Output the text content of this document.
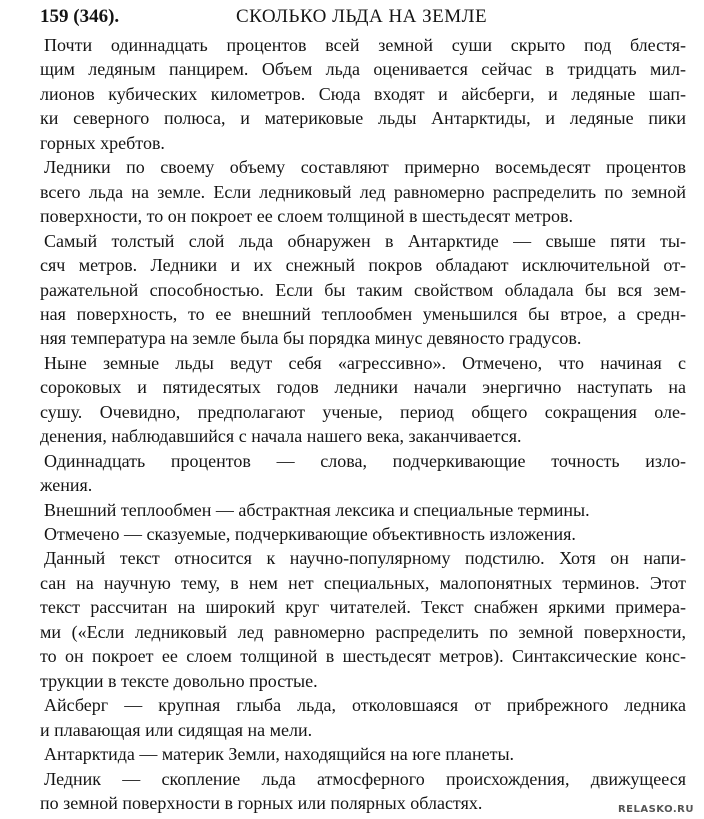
159 (346).	СКОЛЬКО ЛЬДА НА ЗЕМЛЕ
Почти одиннадцать процентов всей земной суши скрыто под блестя-
щим ледяным панцирем. Объем льда оценивается сейчас в тридцать мил-
лионов кубических километров. Сюда входят и айсберги, и ледяные шап-
ки северного полюса, и материковые льды Антарктиды, и ледяные пики
горных хребтов.
Ледники по своему объему составляют примерно восемьдесят процентов
всего льда на земле. Если ледниковый лед равномерно распределить по земной
поверхности, то он покроет ее слоем толщиной в шестьдесят метров.
Самый толстый слой льда обнаружен в Антарктиде — свыше пяти ты-
сяч метров. Ледники и их снежный покров обладают исключительной от-
ражательной способностью. Если бы таким свойством обладала бы вся зем-
ная поверхность, то ее внешний теплообмен уменьшился бы втрое, а средн-
няя температура на земле была бы порядка минус девяносто градусов.
Ныне земные льды ведут себя «агрессивно». Отмечено, что начиная с
сороковых и пятидесятых годов ледники начали энергично наступать на
сушу. Очевидно, предполагают ученые, период общего сокращения оле-
денения, наблюдавшийся с начала нашего века, заканчивается.
Одиннадцать процентов — слова, подчеркивающие точность изло-
жения.
Внешний теплообмен — абстрактная лексика и специальные термины.
Отмечено — сказуемые, подчеркивающие объективность изложения.
Данный текст относится к научно-популярному подстилю. Хотя он напи-
сан на научную тему, в нем нет специальных, малопонятных терминов. Этот
текст рассчитан на широкий круг читателей. Текст снабжен яркими примера-
ми («Если ледниковый лед равномерно распределить по земной поверхности,
то он покроет ее слоем толщиной в шестьдесят метров). Синтаксические конс-
трукции в тексте довольно простые.
Айсберг — крупная глыба льда, отколовшаяся от прибрежного ледника
и плавающая или сидящая на мели.
Антарктида — материк Земли, находящийся на юге планеты.
Ледник — скопление льда атмосферного происхождения, движущееся
по земной поверхности в горных или полярных областях.	RELASKO.RU
